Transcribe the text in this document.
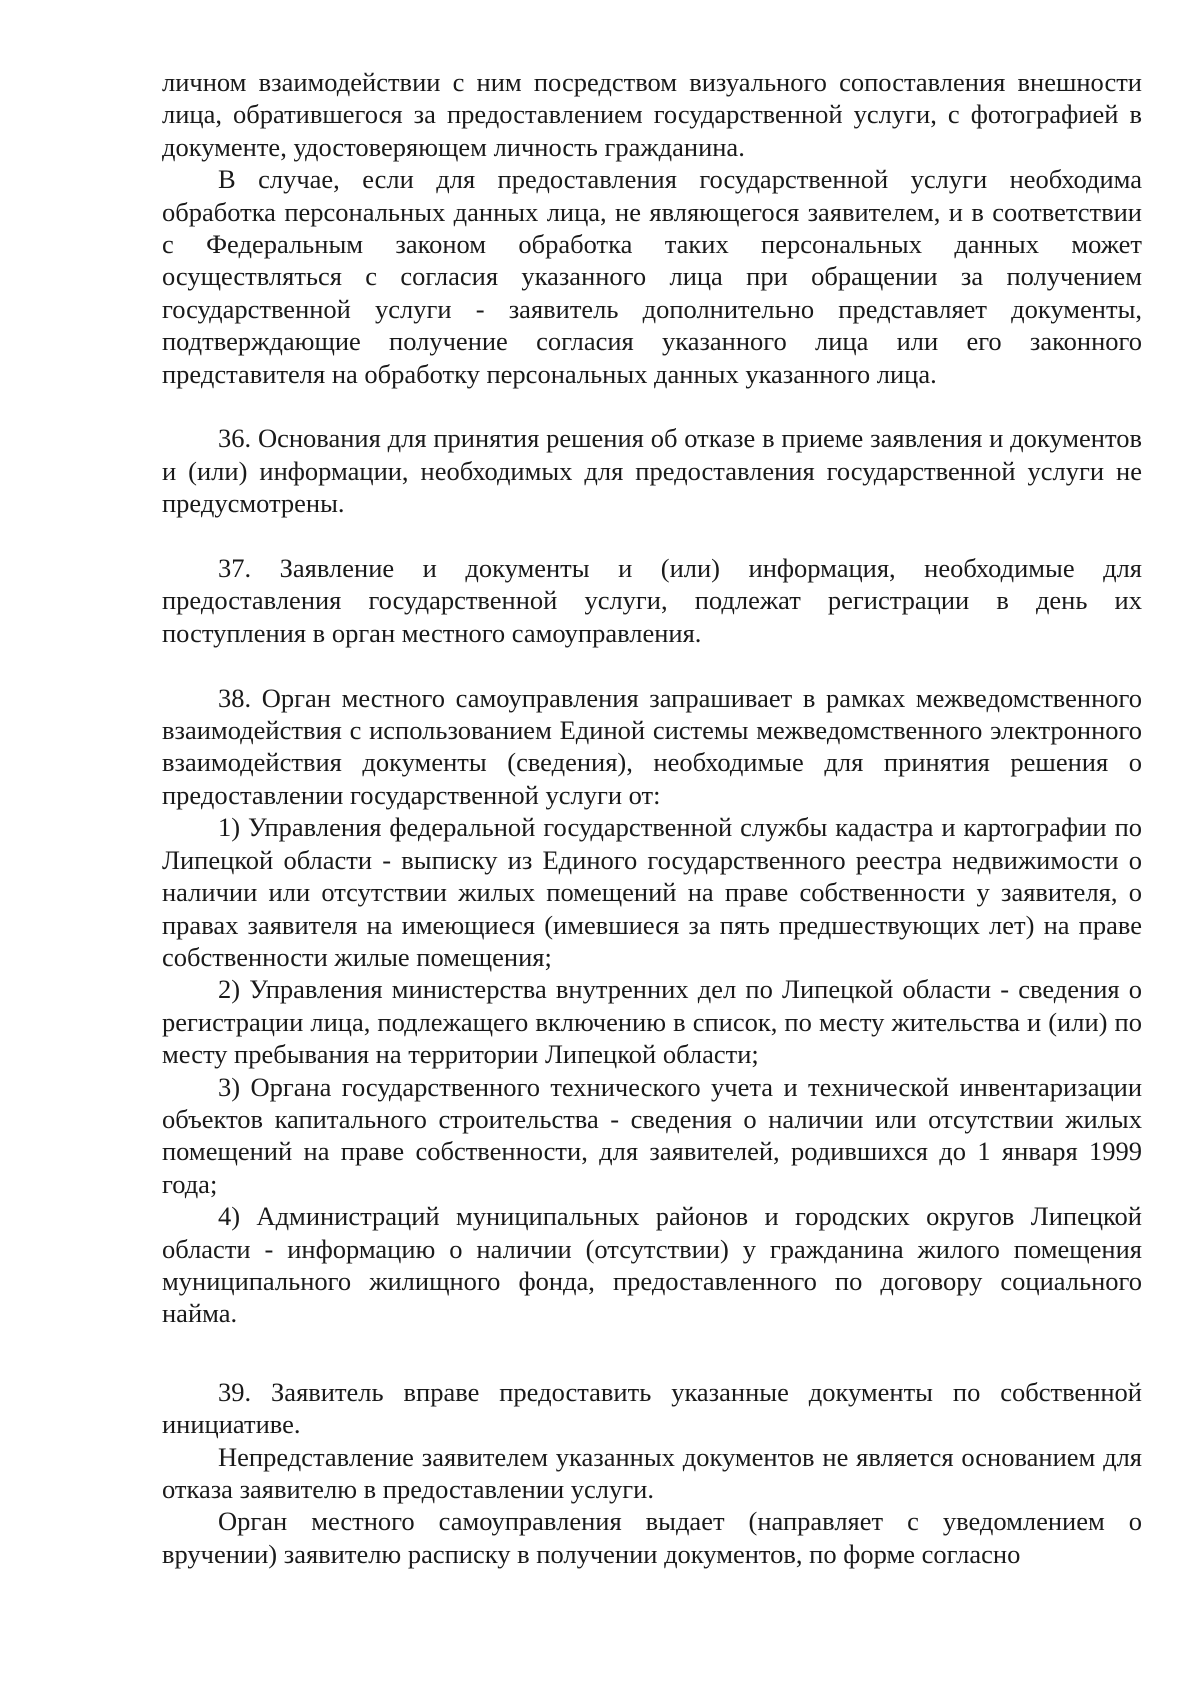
личном взаимодействии с ним посредством визуального сопоставления внешности лица, обратившегося за предоставлением государственной услуги, с фотографией в документе, удостоверяющем личность гражданина.

В случае, если для предоставления государственной услуги необходима обработка персональных данных лица, не являющегося заявителем, и в соответствии с Федеральным законом обработка таких персональных данных может осуществляться с согласия указанного лица при обращении за получением государственной услуги - заявитель дополнительно представляет документы, подтверждающие получение согласия указанного лица или его законного представителя на обработку персональных данных указанного лица.

36. Основания для принятия решения об отказе в приеме заявления и документов и (или) информации, необходимых для предоставления государственной услуги не предусмотрены.

37. Заявление и документы и (или) информация, необходимые для предоставления государственной услуги, подлежат регистрации в день их поступления в орган местного самоуправления.

38. Орган местного самоуправления запрашивает в рамках межведомственного взаимодействия с использованием Единой системы межведомственного электронного взаимодействия документы (сведения), необходимые для принятия решения о предоставлении государственной услуги от:

1) Управления федеральной государственной службы кадастра и картографии по Липецкой области - выписку из Единого государственного реестра недвижимости о наличии или отсутствии жилых помещений на праве собственности у заявителя, о правах заявителя на имеющиеся (имевшиеся за пять предшествующих лет) на праве собственности жилые помещения;

2) Управления министерства внутренних дел по Липецкой области - сведения о регистрации лица, подлежащего включению в список, по месту жительства и (или) по месту пребывания на территории Липецкой области;

3) Органа государственного технического учета и технической инвентаризации объектов капитального строительства - сведения о наличии или отсутствии жилых помещений на праве собственности, для заявителей, родившихся до 1 января 1999 года;

4) Администраций муниципальных районов и городских округов Липецкой области - информацию о наличии (отсутствии) у гражданина жилого помещения муниципального жилищного фонда, предоставленного по договору социального найма.

39. Заявитель вправе предоставить указанные документы по собственной инициативе.

Непредставление заявителем указанных документов не является основанием для отказа заявителю в предоставлении услуги.

Орган местного самоуправления выдает (направляет с уведомлением о вручении) заявителю расписку в получении документов, по форме согласно
